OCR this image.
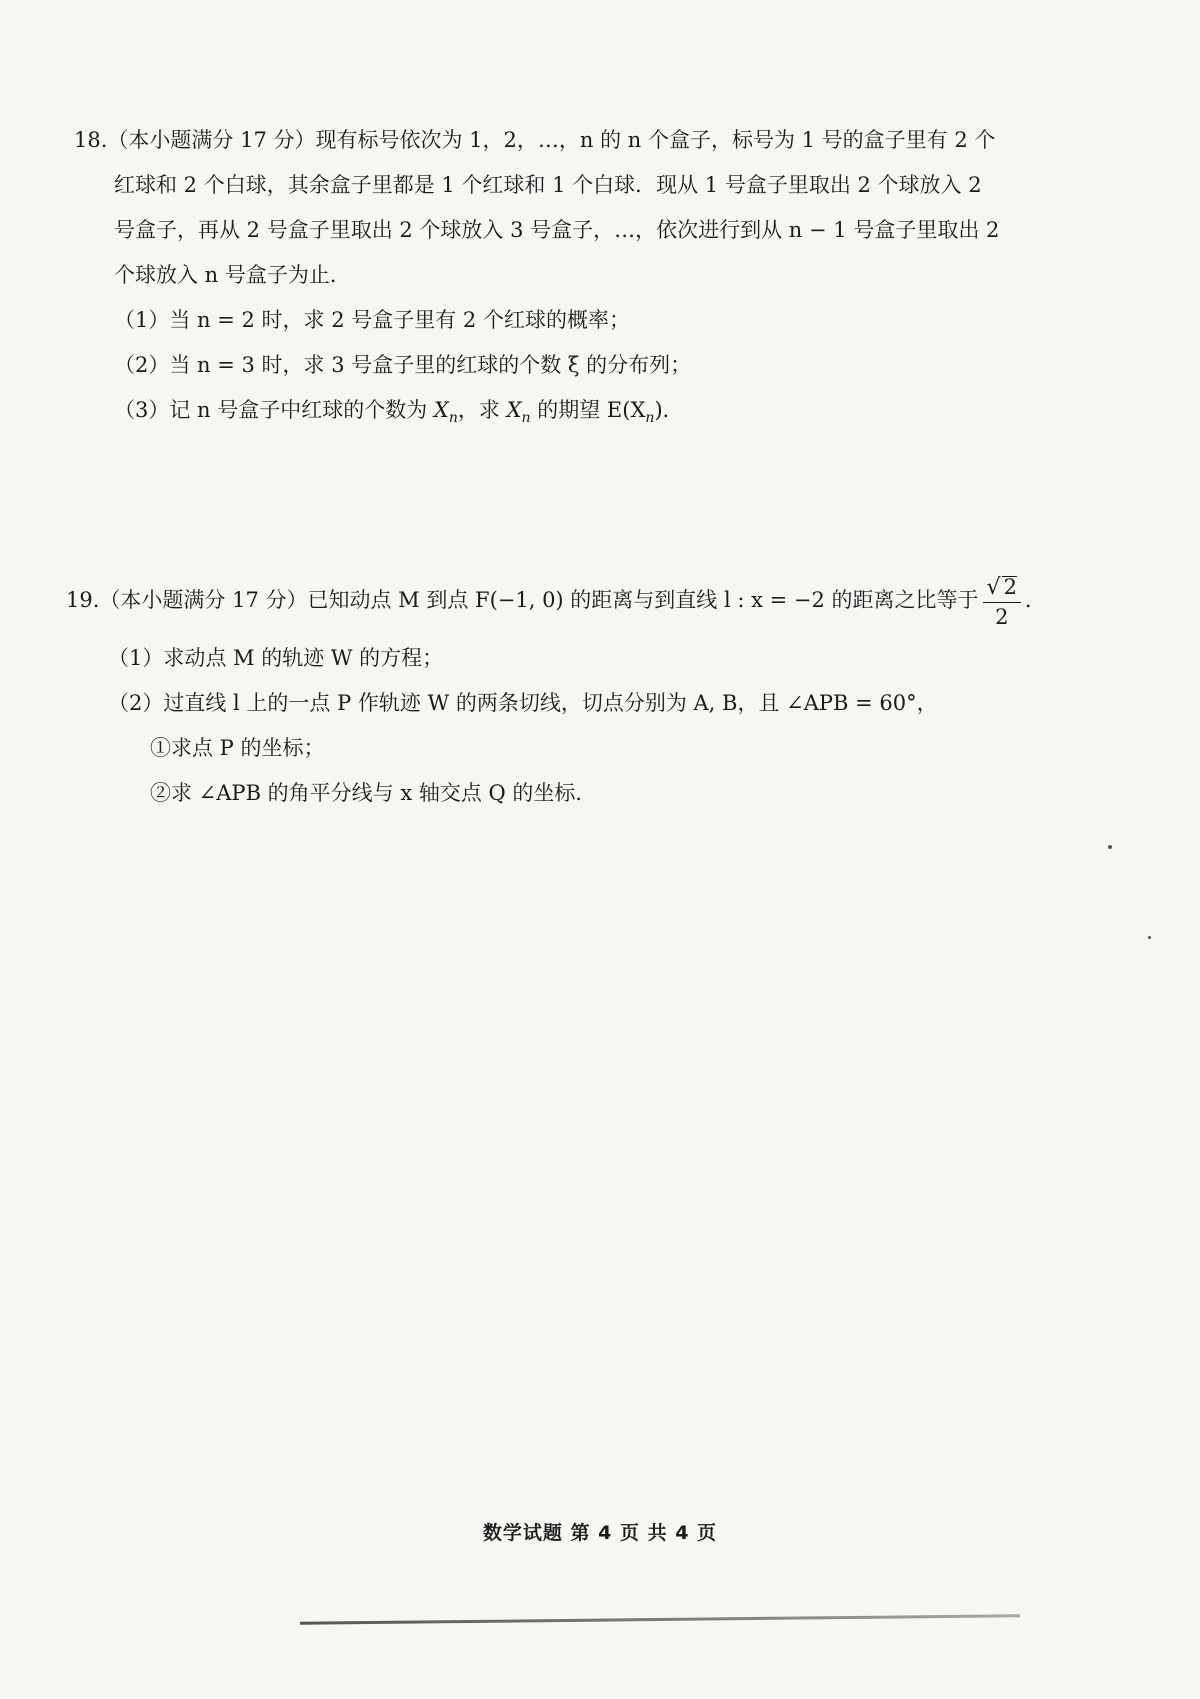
18.（本小题满分 17 分）现有标号依次为 1，2，…，n 的 n 个盒子，标号为 1 号的盒子里有 2 个
红球和 2 个白球，其余盒子里都是 1 个红球和 1 个白球．现从 1 号盒子里取出 2 个球放入 2
号盒子，再从 2 号盒子里取出 2 个球放入 3 号盒子，…，依次进行到从 n − 1 号盒子里取出 2
个球放入 n 号盒子为止．
（1）当 n = 2 时，求 2 号盒子里有 2 个红球的概率；
（2）当 n = 3 时，求 3 号盒子里的红球的个数 ξ 的分布列；
（3）记 n 号盒子中红球的个数为 $X_n$，求 $X_n$ 的期望 $E(X_n)$．
19.（本小题满分 17 分）已知动点 M 到点 F(−1, 0) 的距离与到直线 l : x = −2 的距离之比等于 $\frac{√ 2}{2}$ ．
（1）求动点 M 的轨迹 W 的方程；
（2）过直线 l 上的一点 P 作轨迹 W 的两条切线，切点分别为 A, B，且 ∠APB = 60°，
①求点 P 的坐标；
②求 ∠APB 的角平分线与 x 轴交点 Q 的坐标．
数学试题 第 4 页 共 4 页
